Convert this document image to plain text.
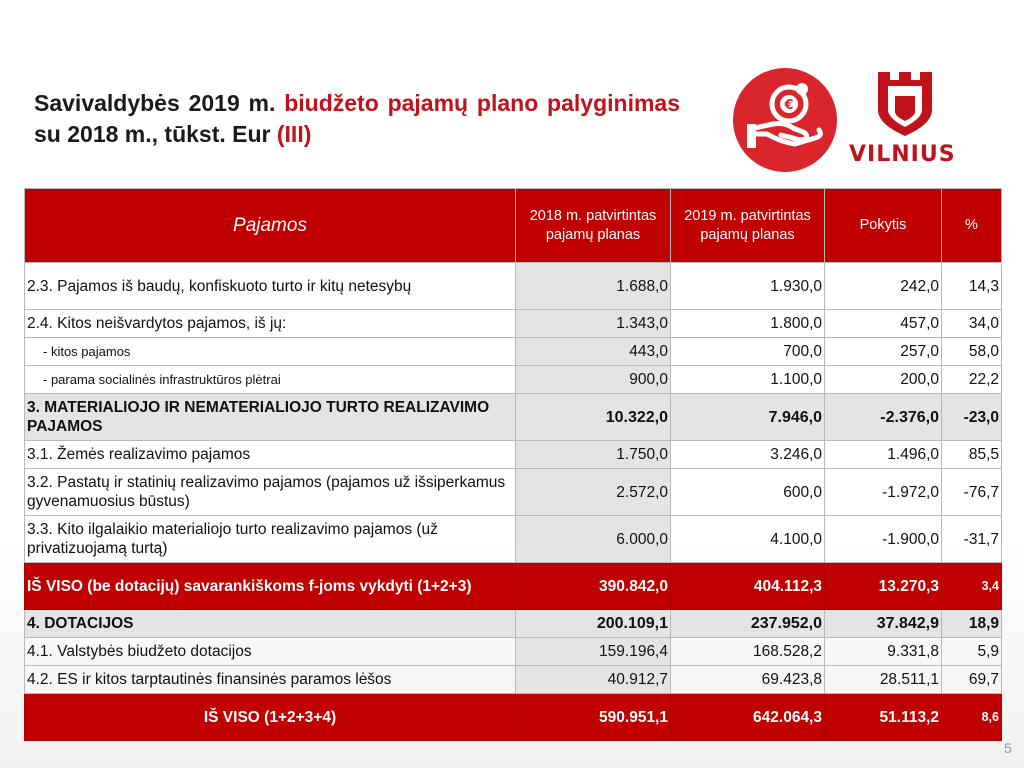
Savivaldybės 2019 m. biudžeto pajamų plano palyginimas su 2018 m., tūkst. Eur (III)
€
VILNIUS
Pajamos	2018 m. patvirtintas pajamų planas	2019 m. patvirtintas pajamų planas	Pokytis	%
2.3. Pajamos iš baudų, konfiskuoto turto ir kitų netesybų	1.688,0	1.930,0	242,0	14,3
2.4. Kitos neišvardytos pajamos, iš jų:	1.343,0	1.800,0	457,0	34,0
- kitos pajamos	443,0	700,0	257,0	58,0
- parama socialinės infrastruktūros plėtrai	900,0	1.100,0	200,0	22,2
3. MATERIALIOJO IR NEMATERIALIOJO TURTO REALIZAVIMO PAJAMOS	10.322,0	7.946,0	-2.376,0	-23,0
3.1. Žemės realizavimo pajamos	1.750,0	3.246,0	1.496,0	85,5
3.2. Pastatų ir statinių realizavimo pajamos (pajamos už išsiperkamus gyvenamuosius būstus)	2.572,0	600,0	-1.972,0	-76,7
3.3. Kito ilgalaikio materialiojo turto realizavimo pajamos (už privatizuojamą turtą)	6.000,0	4.100,0	-1.900,0	-31,7
IŠ VISO (be dotacijų) savarankiškoms f-joms vykdyti (1+2+3)	390.842,0	404.112,3	13.270,3	3,4
4. DOTACIJOS	200.109,1	237.952,0	37.842,9	18,9
4.1. Valstybės biudžeto dotacijos	159.196,4	168.528,2	9.331,8	5,9
4.2. ES ir kitos tarptautinės finansinės paramos lėšos	40.912,7	69.423,8	28.511,1	69,7
IŠ VISO (1+2+3+4)	590.951,1	642.064,3	51.113,2	8,6
5
